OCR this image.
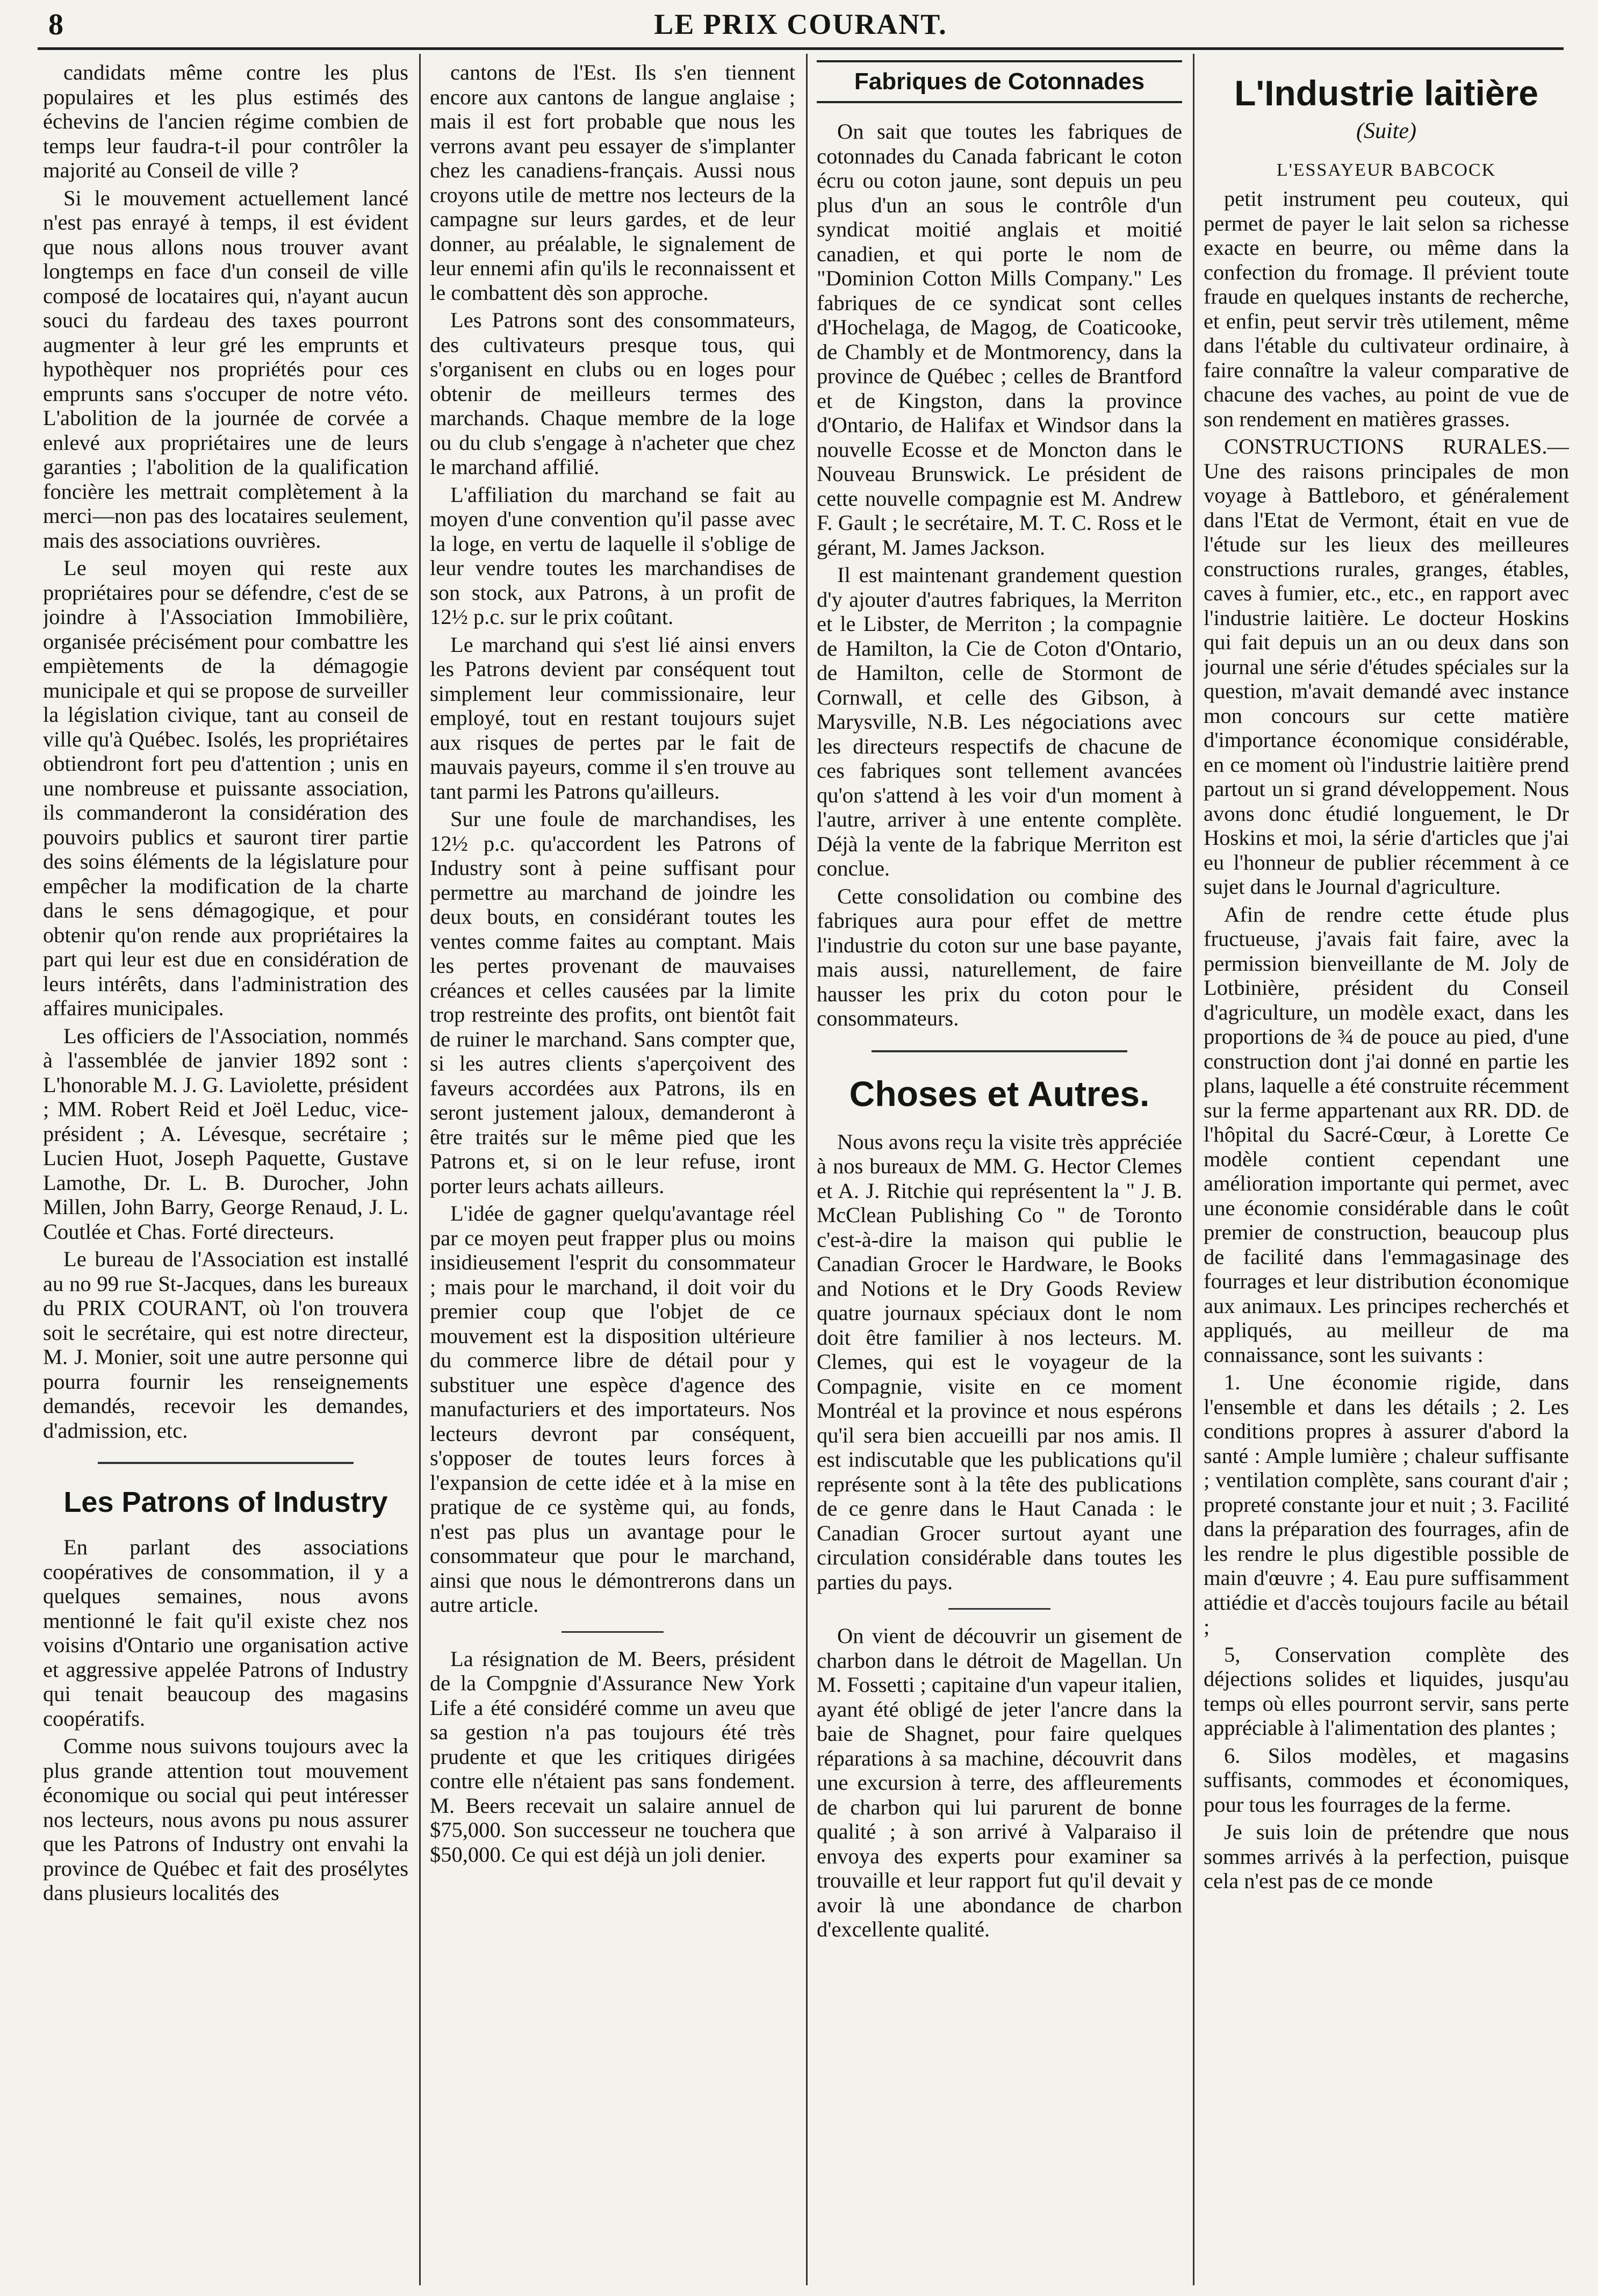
8	LE PRIX COURANT.

candidats même contre les plus populaires et les plus estimés des échevins de l'ancien régime combien de temps leur faudra-t-il pour contrôler la majorité au Conseil de ville ?

Si le mouvement actuellement lancé n'est pas enrayé à temps, il est évident que nous allons nous trouver avant longtemps en face d'un conseil de ville composé de locataires qui, n'ayant aucun souci du fardeau des taxes pourront augmenter à leur gré les emprunts et hypothèquer nos propriétés pour ces emprunts sans s'occuper de notre véto. L'abolition de la journée de corvée a enlevé aux propriétaires une de leurs garanties ; l'abolition de la qualification foncière les mettrait complètement à la merci—non pas des locataires seulement, mais des associations ouvrières.

Le seul moyen qui reste aux propriétaires pour se défendre, c'est de se joindre à l'Association Immobilière, organisée précisément pour combattre les empiètements de la démagogie municipale et qui se propose de surveiller la législation civique, tant au conseil de ville qu'à Québec. Isolés, les propriétaires obtiendront fort peu d'attention ; unis en une nombreuse et puissante association, ils commanderont la considération des pouvoirs publics et sauront tirer partie des soins éléments de la législature pour empêcher la modification de la charte dans le sens démagogique, et pour obtenir qu'on rende aux propriétaires la part qui leur est due en considération de leurs intérêts, dans l'administration des affaires municipales.

Les officiers de l'Association, nommés à l'assemblée de janvier 1892 sont : L'honorable M. J. G. Laviolette, président ; MM. Robert Reid et Joël Leduc, vice-président ; A. Lévesque, secrétaire ; Lucien Huot, Joseph Paquette, Gustave Lamothe, Dr. L. B. Durocher, John Millen, John Barry, George Renaud, J. L. Coutlée et Chas. Forté directeurs.

Le bureau de l'Association est installé au no 99 rue St-Jacques, dans les bureaux du PRIX COURANT, où l'on trouvera soit le secrétaire, qui est notre directeur, M. J. Monier, soit une autre personne qui pourra fournir les renseignements demandés, recevoir les demandes, d'admission, etc.

Les Patrons of Industry

En parlant des associations coopératives de consommation, il y a quelques semaines, nous avons mentionné le fait qu'il existe chez nos voisins d'Ontario une organisation active et aggressive appelée Patrons of Industry qui tenait beaucoup des magasins coopératifs.

Comme nous suivons toujours avec la plus grande attention tout mouvement économique ou social qui peut intéresser nos lecteurs, nous avons pu nous assurer que les Patrons of Industry ont envahi la province de Québec et fait des prosélytes dans plusieurs localités des

cantons de l'Est. Ils s'en tiennent encore aux cantons de langue anglaise ; mais il est fort probable que nous les verrons avant peu essayer de s'implanter chez les canadiens-français. Aussi nous croyons utile de mettre nos lecteurs de la campagne sur leurs gardes, et de leur donner, au préalable, le signalement de leur ennemi afin qu'ils le reconnaissent et le combattent dès son approche.

Les Patrons sont des consommateurs, des cultivateurs presque tous, qui s'organisent en clubs ou en loges pour obtenir de meilleurs termes des marchands. Chaque membre de la loge ou du club s'engage à n'acheter que chez le marchand affilié.

L'affiliation du marchand se fait au moyen d'une convention qu'il passe avec la loge, en vertu de laquelle il s'oblige de leur vendre toutes les marchandises de son stock, aux Patrons, à un profit de 12½ p.c. sur le prix coûtant.

Le marchand qui s'est lié ainsi envers les Patrons devient par conséquent tout simplement leur commissionaire, leur employé, tout en restant toujours sujet aux risques de pertes par le fait de mauvais payeurs, comme il s'en trouve au tant parmi les Patrons qu'ailleurs.

Sur une foule de marchandises, les 12½ p.c. qu'accordent les Patrons of Industry sont à peine suffisant pour permettre au marchand de joindre les deux bouts, en considérant toutes les ventes comme faites au comptant. Mais les pertes provenant de mauvaises créances et celles causées par la limite trop restreinte des profits, ont bientôt fait de ruiner le marchand. Sans compter que, si les autres clients s'aperçoivent des faveurs accordées aux Patrons, ils en seront justement jaloux, demanderont à être traités sur le même pied que les Patrons et, si on le leur refuse, iront porter leurs achats ailleurs.

L'idée de gagner quelqu'avantage réel par ce moyen peut frapper plus ou moins insidieusement l'esprit du consommateur ; mais pour le marchand, il doit voir du premier coup que l'objet de ce mouvement est la disposition ultérieure du commerce libre de détail pour y substituer une espèce d'agence des manufacturiers et des importateurs. Nos lecteurs devront par conséquent, s'opposer de toutes leurs forces à l'expansion de cette idée et à la mise en pratique de ce système qui, au fonds, n'est pas plus un avantage pour le consommateur que pour le marchand, ainsi que nous le démontrerons dans un autre article.

La résignation de M. Beers, président de la Compgnie d'Assurance New York Life a été considéré comme un aveu que sa gestion n'a pas toujours été très prudente et que les critiques dirigées contre elle n'étaient pas sans fondement. M. Beers recevait un salaire annuel de $75,000. Son successeur ne touchera que $50,000. Ce qui est déjà un joli denier.

Fabriques de Cotonnades

On sait que toutes les fabriques de cotonnades du Canada fabricant le coton écru ou coton jaune, sont depuis un peu plus d'un an sous le contrôle d'un syndicat moitié anglais et moitié canadien, et qui porte le nom de "Dominion Cotton Mills Company." Les fabriques de ce syndicat sont celles d'Hochelaga, de Magog, de Coaticooke, de Chambly et de Montmorency, dans la province de Québec ; celles de Brantford et de Kingston, dans la province d'Ontario, de Halifax et Windsor dans la nouvelle Ecosse et de Moncton dans le Nouveau Brunswick. Le président de cette nouvelle compagnie est M. Andrew F. Gault ; le secrétaire, M. T. C. Ross et le gérant, M. James Jackson.

Il est maintenant grandement question d'y ajouter d'autres fabriques, la Merriton et le Libster, de Merriton ; la compagnie de Hamilton, la Cie de Coton d'Ontario, de Hamilton, celle de Stormont de Cornwall, et celle des Gibson, à Marysville, N.B. Les négociations avec les directeurs respectifs de chacune de ces fabriques sont tellement avancées qu'on s'attend à les voir d'un moment à l'autre, arriver à une entente complète. Déjà la vente de la fabrique Merriton est conclue.

Cette consolidation ou combine des fabriques aura pour effet de mettre l'industrie du coton sur une base payante, mais aussi, naturellement, de faire hausser les prix du coton pour le consommateurs.

Choses et Autres.

Nous avons reçu la visite très appréciée à nos bureaux de MM. G. Hector Clemes et A. J. Ritchie qui représentent la " J. B. McClean Publishing Co " de Toronto c'est-à-dire la maison qui publie le Canadian Grocer le Hardware, le Books and Notions et le Dry Goods Review quatre journaux spéciaux dont le nom doit être familier à nos lecteurs. M. Clemes, qui est le voyageur de la Compagnie, visite en ce moment Montréal et la province et nous espérons qu'il sera bien accueilli par nos amis. Il est indiscutable que les publications qu'il représente sont à la tête des publications de ce genre dans le Haut Canada : le Canadian Grocer surtout ayant une circulation considérable dans toutes les parties du pays.

On vient de découvrir un gisement de charbon dans le détroit de Magellan. Un M. Fossetti ; capitaine d'un vapeur italien, ayant été obligé de jeter l'ancre dans la baie de Shagnet, pour faire quelques réparations à sa machine, découvrit dans une excursion à terre, des affleurements de charbon qui lui parurent de bonne qualité ; à son arrivé à Valparaiso il envoya des experts pour examiner sa trouvaille et leur rapport fut qu'il devait y avoir là une abondance de charbon d'excellente qualité.

L'Industrie laitière
(Suite)
L'ESSAYEUR BABCOCK

petit instrument peu couteux, qui permet de payer le lait selon sa richesse exacte en beurre, ou même dans la confection du fromage. Il prévient toute fraude en quelques instants de recherche, et enfin, peut servir très utilement, même dans l'étable du cultivateur ordinaire, à faire connaître la valeur comparative de chacune des vaches, au point de vue de son rendement en matières grasses.

CONSTRUCTIONS RURALES.—Une des raisons principales de mon voyage à Battleboro, et généralement dans l'Etat de Vermont, était en vue de l'étude sur les lieux des meilleures constructions rurales, granges, étables, caves à fumier, etc., etc., en rapport avec l'industrie laitière. Le docteur Hoskins qui fait depuis un an ou deux dans son journal une série d'études spéciales sur la question, m'avait demandé avec instance mon concours sur cette matière d'importance économique considérable, en ce moment où l'industrie laitière prend partout un si grand développement. Nous avons donc étudié longuement, le Dr Hoskins et moi, la série d'articles que j'ai eu l'honneur de publier récemment à ce sujet dans le Journal d'agriculture.

Afin de rendre cette étude plus fructueuse, j'avais fait faire, avec la permission bienveillante de M. Joly de Lotbinière, président du Conseil d'agriculture, un modèle exact, dans les proportions de ¾ de pouce au pied, d'une construction dont j'ai donné en partie les plans, laquelle a été construite récemment sur la ferme appartenant aux RR. DD. de l'hôpital du Sacré-Cœur, à Lorette Ce modèle contient cependant une amélioration importante qui permet, avec une économie considérable dans le coût premier de construction, beaucoup plus de facilité dans l'emmagasinage des fourrages et leur distribution économique aux animaux. Les principes recherchés et appliqués, au meilleur de ma connaissance, sont les suivants :

1. Une économie rigide, dans l'ensemble et dans les détails ; 2. Les conditions propres à assurer d'abord la santé : Ample lumière ; chaleur suffisante ; ventilation complète, sans courant d'air ; propreté constante jour et nuit ; 3. Facilité dans la préparation des fourrages, afin de les rendre le plus digestible possible de main d'œuvre ; 4. Eau pure suffisamment attiédie et d'accès toujours facile au bétail ;

5, Conservation complète des déjections solides et liquides, jusqu'au temps où elles pourront servir, sans perte appréciable à l'alimentation des plantes ;

6. Silos modèles, et magasins suffisants, commodes et économiques, pour tous les fourrages de la ferme.

Je suis loin de prétendre que nous sommes arrivés à la perfection, puisque cela n'est pas de ce monde
